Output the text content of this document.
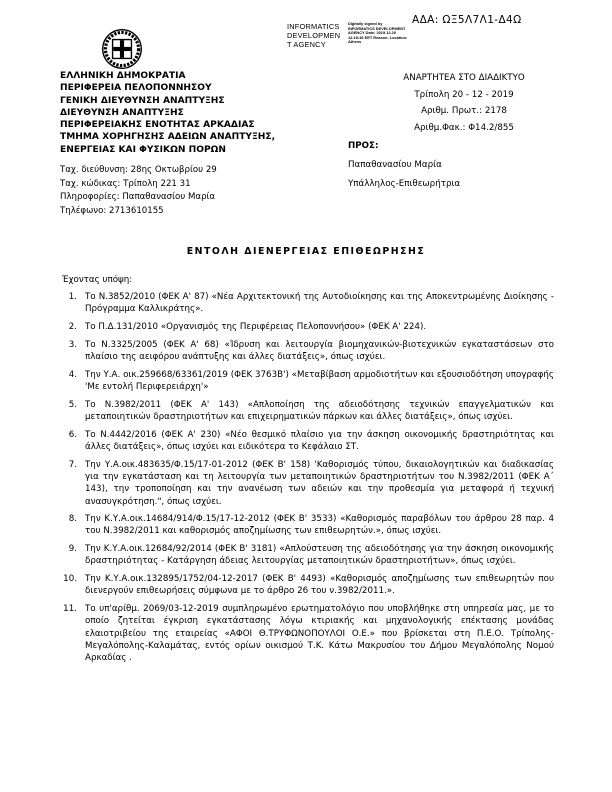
INFORMATICS
DEVELOPMEN
T AGENCY
Digitally signed by INFORMATICS DEVELOPMENT AGENCY Date: 2019.12.20 12:19:36 EET Reason: Location: Athens
ΑΔΑ: ΩΞ5Λ7Λ1-Δ4Ω
ΕΛΛΗΝΙΚΗ ΔΗΜΟΚΡΑΤΙΑ
ΠΕΡΙΦΕΡΕΙΑ ΠΕΛΟΠΟΝΝΗΣΟΥ
ΓΕΝΙΚΗ ΔΙΕΥΘΥΝΣΗ ΑΝΑΠΤΥΞΗΣ
ΔΙΕΥΘΥΝΣΗ ΑΝΑΠΤΥΞΗΣ
ΠΕΡΙΦΕΡΕΙΑΚΗΣ ΕΝΟΤΗΤΑΣ ΑΡΚΑΔΙΑΣ
ΤΜΗΜΑ ΧΟΡΗΓΗΣΗΣ ΑΔΕΙΩΝ ΑΝΑΠΤΥΞΗΣ,
ΕΝΕΡΓΕΙΑΣ ΚΑΙ ΦΥΣΙΚΩΝ ΠΟΡΩΝ
Ταχ. διεύθυνση: 28ης Οκτωβρίου 29
Ταχ. κώδικας: Τρίπολη 221 31
Πληροφορίες: Παπαθανασίου Μαρία
Τηλέφωνο: 2713610155
ΑΝΑΡΤΗΤΕΑ ΣΤΟ ΔΙΑΔΙΚΤΥΟ
Τρίπολη 20 - 12 - 2019
Αριθμ. Πρωτ.: 2178
Αριθμ.Φακ.: Φ14.2/855
ΠΡΟΣ:
Παπαθανασίου Μαρία
Υπάλληλος-Επιθεωρήτρια
ΕΝΤΟΛΗ ΔΙΕΝΕΡΓΕΙΑΣ ΕΠΙΘΕΩΡΗΣΗΣ
Έχοντας υπόψη:
1. Το Ν.3852/2010 (ΦΕΚ Α' 87) «Νέα Αρχιτεκτονική της Αυτοδιοίκησης και της Αποκεντρωμένης Διοίκησης - Πρόγραμμα Καλλικράτης».
2. Το Π.Δ.131/2010 «Οργανισμός της Περιφέρειας Πελοποννήσου» (ΦΕΚ Α' 224).
3. Το Ν.3325/2005 (ΦΕΚ Α' 68) «Ίδρυση και λειτουργία βιομηχανικών-βιοτεχνικών εγκαταστάσεων στο πλαίσιο της αειφόρου ανάπτυξης και άλλες διατάξεις», όπως ισχύει.
4. Την Υ.Α. οικ.259668/63361/2019 (ΦΕΚ 3763Β') «Μεταβίβαση αρμοδιοτήτων και εξουσιοδότηση υπογραφής 'Με εντολή Περιφερειάρχη'»
5. Το Ν.3982/2011 (ΦΕΚ Α' 143) «Απλοποίηση της αδειοδότησης τεχνικών επαγγελματικών και μεταποιητικών δραστηριοτήτων και επιχειρηματικών πάρκων και άλλες διατάξεις», όπως ισχύει.
6. Το Ν.4442/2016 (ΦΕΚ Α' 230) «Νέο θεσμικό πλαίσιο για την άσκηση οικονομικής δραστηριότητας και άλλες διατάξεις», όπως ισχύει και ειδικότερα το Κεφάλαιο ΣΤ.
7. Την Υ.Α.οικ.483635/Φ.15/17-01-2012 (ΦΕΚ Β' 158) 'Καθορισμός τύπου, δικαιολογητικών και διαδικασίας για την εγκατάσταση και τη λειτουργία των μεταποιητικών δραστηριοτήτων του Ν.3982/2011 (ΦΕΚ Α΄ 143), την τροποποίηση και την ανανέωση των αδειών και την προθεσμία για μεταφορά ή τεχνική ανασυγκρότηση.", όπως ισχύει.
8. Την Κ.Υ.Α.οικ.14684/914/Φ.15/17-12-2012 (ΦΕΚ Β' 3533) «Καθορισμός παραβόλων του άρθρου 28 παρ. 4 του Ν.3982/2011 και καθορισμός αποζημίωσης των επιθεωρητών.», όπως ισχύει.
9. Την Κ.Υ.Α.οικ.12684/92/2014 (ΦΕΚ Β' 3181) «Απλούστευση της αδειοδότησης για την άσκηση οικονομικής δραστηριότητας - Κατάργηση άδειας λειτουργίας μεταποιητικών δραστηριοτήτων», όπως ισχύει.
10. Την Κ.Υ.Α.οικ.132895/1752/04-12-2017 (ΦΕΚ Β' 4493) «Καθορισμός αποζημίωσης των επιθεωρητών που διενεργούν επιθεωρήσεις σύμφωνα με το άρθρο 26 του ν.3982/2011.».
11. Το υπ'αρίθμ. 2069/03-12-2019 συμπληρωμένο ερωτηματολόγιο που υποβλήθηκε στη υπηρεσία μας, με το οποίο ζητείται έγκριση εγκατάστασης λόγω κτιριακής και μηχανολογικής επέκτασης μονάδας ελαιοτριβείου της εταιρείας «ΑΦΟΙ Θ.ΤΡΥΦΩΝΟΠΟΥΛΟΙ Ο.Ε.» που βρίσκεται στη Π.Ε.Ο. Τρίπολης-Μεγαλόπολης-Καλαμάτας, εντός ορίων οικισμού Τ.Κ. Κάτω Μακρυσίου του Δήμου Μεγαλόπολης Νομού Αρκαδίας .
